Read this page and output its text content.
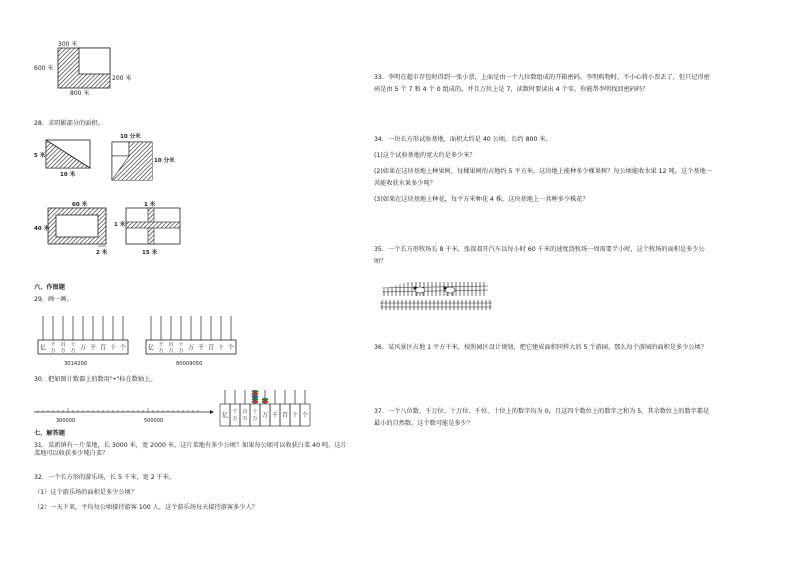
300 米
600 米
200 米
800 米
28．求阴影部分的面积。
5 米
10 米
10 分米
10 分米
60 米
40 米
2 米
1 米
1 米
15 米
六、作图题
29．画一画。
亿 千
万
百
万
十
万 万 千 百 十 个
3014200
亿 千
万
百
万
十
万 万 千 百 十 个
80009050
30．把如图计数器上的数用"•"标在数轴上。
300000	500000
亿 千
万
百
万
十
万 万 千 百 十 个
七、解答题
31．某新镇有一片菜地，长 3000 米，宽 2000 米，这片菜地有多少公顷？如果每公顷可以收获白菜 40 吨，这片菜地可以收获多少吨白菜？
32．一个长方形的游乐场，长 5 千米，宽 2 千米。
（1）这个游乐场的面积是多少公顷？
（2）一天下来，平均每公顷接待游客 100 人，这个游乐场每天接待游客多少人？
33．李明在超市存包时得到一张小票，上面是由一个九位数组成的开箱密码。李明购物时，不小心将小票丢了，但只记得密码是由 5 个 7 和 4 个 0 组成的，并且万位上是 7，读数时要读出 4 个零。你能帮李明找回密码吗？
34．一块长方形试验基地，面积大约是 40 公顷，长约 800 米。
(1)这个试验基地的宽大约是多少米？
(2)如果在这块基地上种果树，每棵果树的占地约 5 平方米，这块地上能种多少棵果树？每公顷能收水果 12 吨，这个基地一共能收获水果多少吨？
(3)如果在这块基地上种花，每平方米种花 4 株，这块基地上一共种多少株花？
35．一个长方形牧场长 8 千米，张叔叔开汽车以每小时 60 千米的速度绕牧场一周需要半小时，这个牧场的面积是多少公顷？
36．某风景区占地 1 平方千米，按照园区设计规划，把它建成面积同样大的 5 个游园，那么每个游园的面积是多少公顷？
37．一个八位数，千万位、十万位、千位、十位上的数字均为 0，且这四个数位上的数字之和为 5，其余数位上的数字都是最小的自然数。这个数可能是多少？
